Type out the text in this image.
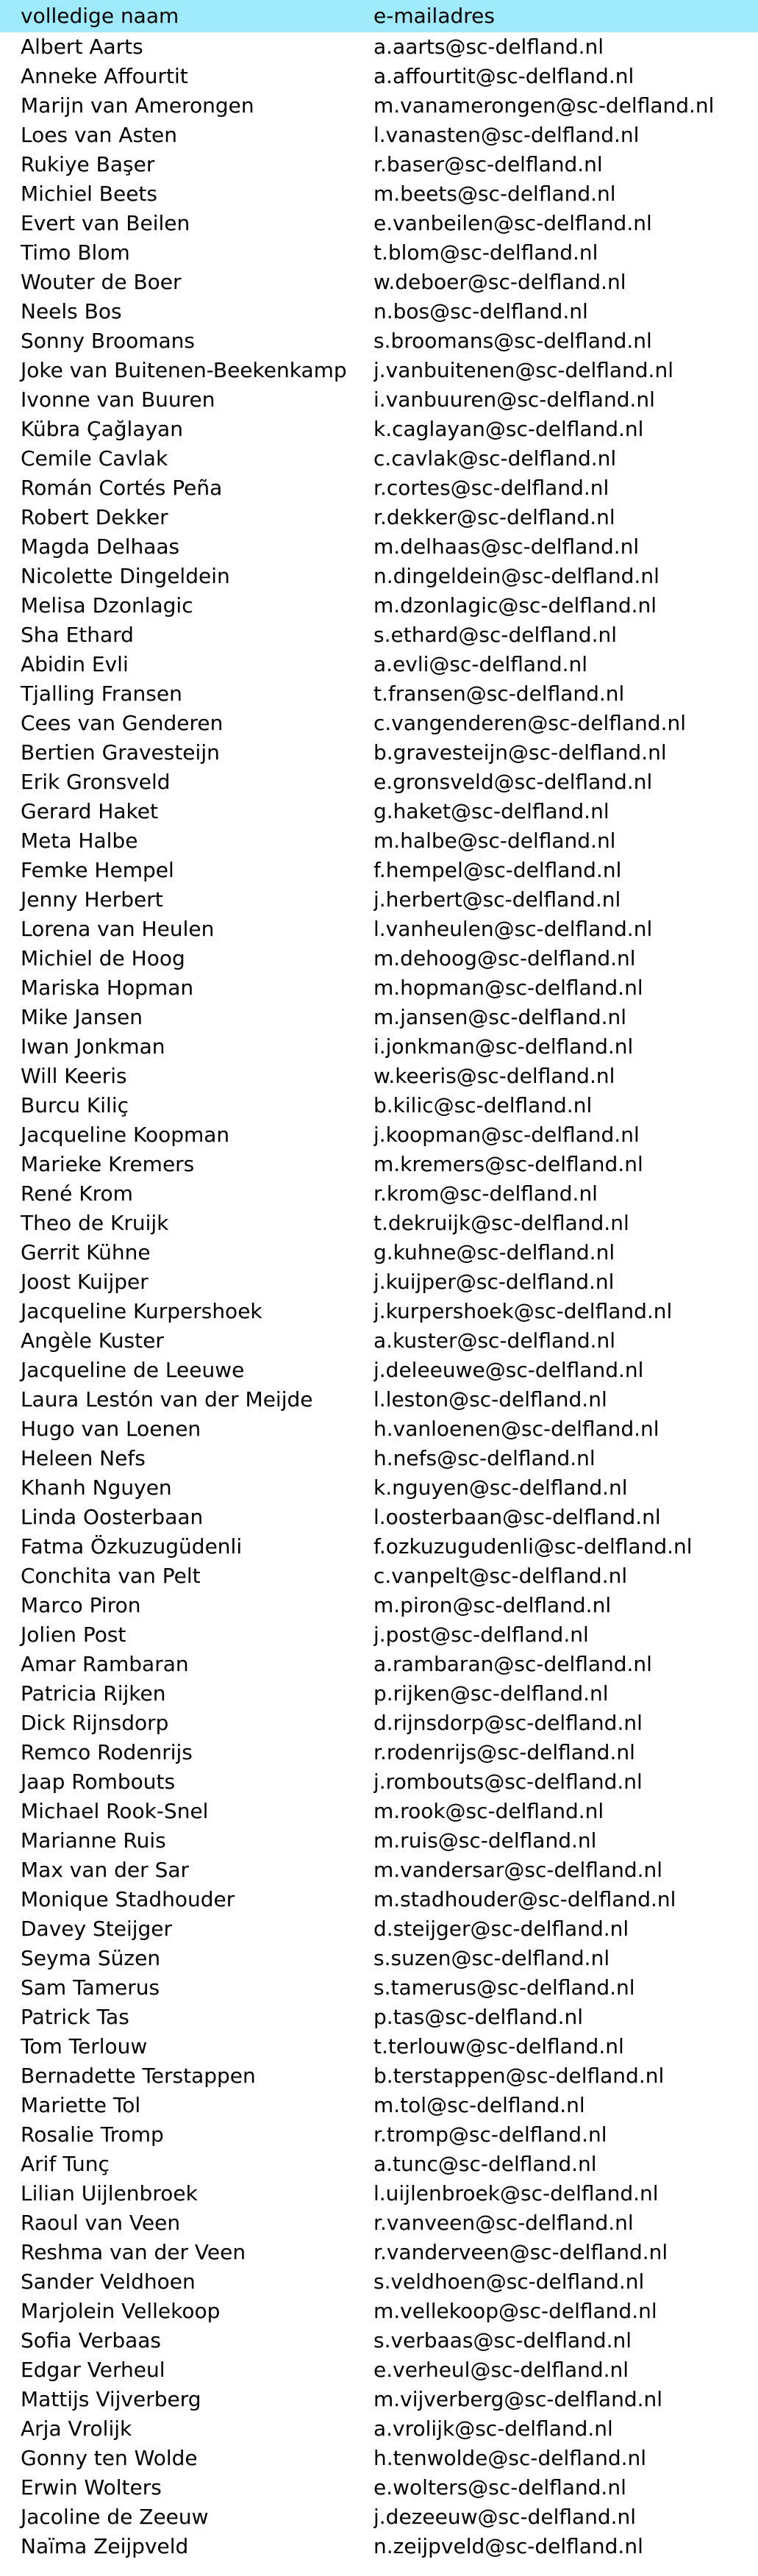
volledige naam	e-mailadres
Albert Aarts	a.aarts@sc-delfland.nl
Anneke Affourtit	a.affourtit@sc-delfland.nl
Marijn van Amerongen	m.vanamerongen@sc-delfland.nl
Loes van Asten	l.vanasten@sc-delfland.nl
Rukiye Başer	r.baser@sc-delfland.nl
Michiel Beets	m.beets@sc-delfland.nl
Evert van Beilen	e.vanbeilen@sc-delfland.nl
Timo Blom	t.blom@sc-delfland.nl
Wouter de Boer	w.deboer@sc-delfland.nl
Neels Bos	n.bos@sc-delfland.nl
Sonny Broomans	s.broomans@sc-delfland.nl
Joke van Buitenen-Beekenkamp	j.vanbuitenen@sc-delfland.nl
Ivonne van Buuren	i.vanbuuren@sc-delfland.nl
Kübra Çağlayan	k.caglayan@sc-delfland.nl
Cemile Cavlak	c.cavlak@sc-delfland.nl
Román Cortés Peña	r.cortes@sc-delfland.nl
Robert Dekker	r.dekker@sc-delfland.nl
Magda Delhaas	m.delhaas@sc-delfland.nl
Nicolette Dingeldein	n.dingeldein@sc-delfland.nl
Melisa Dzonlagic	m.dzonlagic@sc-delfland.nl
Sha Ethard	s.ethard@sc-delfland.nl
Abidin Evli	a.evli@sc-delfland.nl
Tjalling Fransen	t.fransen@sc-delfland.nl
Cees van Genderen	c.vangenderen@sc-delfland.nl
Bertien Gravesteijn	b.gravesteijn@sc-delfland.nl
Erik Gronsveld	e.gronsveld@sc-delfland.nl
Gerard Haket	g.haket@sc-delfland.nl
Meta Halbe	m.halbe@sc-delfland.nl
Femke Hempel	f.hempel@sc-delfland.nl
Jenny Herbert	j.herbert@sc-delfland.nl
Lorena van Heulen	l.vanheulen@sc-delfland.nl
Michiel de Hoog	m.dehoog@sc-delfland.nl
Mariska Hopman	m.hopman@sc-delfland.nl
Mike Jansen	m.jansen@sc-delfland.nl
Iwan Jonkman	i.jonkman@sc-delfland.nl
Will Keeris	w.keeris@sc-delfland.nl
Burcu Kiliç	b.kilic@sc-delfland.nl
Jacqueline Koopman	j.koopman@sc-delfland.nl
Marieke Kremers	m.kremers@sc-delfland.nl
René Krom	r.krom@sc-delfland.nl
Theo de Kruijk	t.dekruijk@sc-delfland.nl
Gerrit Kühne	g.kuhne@sc-delfland.nl
Joost Kuijper	j.kuijper@sc-delfland.nl
Jacqueline Kurpershoek	j.kurpershoek@sc-delfland.nl
Angèle Kuster	a.kuster@sc-delfland.nl
Jacqueline de Leeuwe	j.deleeuwe@sc-delfland.nl
Laura Lestón van der Meijde	l.leston@sc-delfland.nl
Hugo van Loenen	h.vanloenen@sc-delfland.nl
Heleen Nefs	h.nefs@sc-delfland.nl
Khanh Nguyen	k.nguyen@sc-delfland.nl
Linda Oosterbaan	l.oosterbaan@sc-delfland.nl
Fatma Özkuzugüdenli	f.ozkuzugudenli@sc-delfland.nl
Conchita van Pelt	c.vanpelt@sc-delfland.nl
Marco Piron	m.piron@sc-delfland.nl
Jolien Post	j.post@sc-delfland.nl
Amar Rambaran	a.rambaran@sc-delfland.nl
Patricia Rijken	p.rijken@sc-delfland.nl
Dick Rijnsdorp	d.rijnsdorp@sc-delfland.nl
Remco Rodenrijs	r.rodenrijs@sc-delfland.nl
Jaap Rombouts	j.rombouts@sc-delfland.nl
Michael Rook-Snel	m.rook@sc-delfland.nl
Marianne Ruis	m.ruis@sc-delfland.nl
Max van der Sar	m.vandersar@sc-delfland.nl
Monique Stadhouder	m.stadhouder@sc-delfland.nl
Davey Steijger	d.steijger@sc-delfland.nl
Seyma Süzen	s.suzen@sc-delfland.nl
Sam Tamerus	s.tamerus@sc-delfland.nl
Patrick Tas	p.tas@sc-delfland.nl
Tom Terlouw	t.terlouw@sc-delfland.nl
Bernadette Terstappen	b.terstappen@sc-delfland.nl
Mariette Tol	m.tol@sc-delfland.nl
Rosalie Tromp	r.tromp@sc-delfland.nl
Arif Tunç	a.tunc@sc-delfland.nl
Lilian Uijlenbroek	l.uijlenbroek@sc-delfland.nl
Raoul van Veen	r.vanveen@sc-delfland.nl
Reshma van der Veen	r.vanderveen@sc-delfland.nl
Sander Veldhoen	s.veldhoen@sc-delfland.nl
Marjolein Vellekoop	m.vellekoop@sc-delfland.nl
Sofia Verbaas	s.verbaas@sc-delfland.nl
Edgar Verheul	e.verheul@sc-delfland.nl
Mattijs Vijverberg	m.vijverberg@sc-delfland.nl
Arja Vrolijk	a.vrolijk@sc-delfland.nl
Gonny ten Wolde	h.tenwolde@sc-delfland.nl
Erwin Wolters	e.wolters@sc-delfland.nl
Jacoline de Zeeuw	j.dezeeuw@sc-delfland.nl
Naïma Zeijpveld	n.zeijpveld@sc-delfland.nl
